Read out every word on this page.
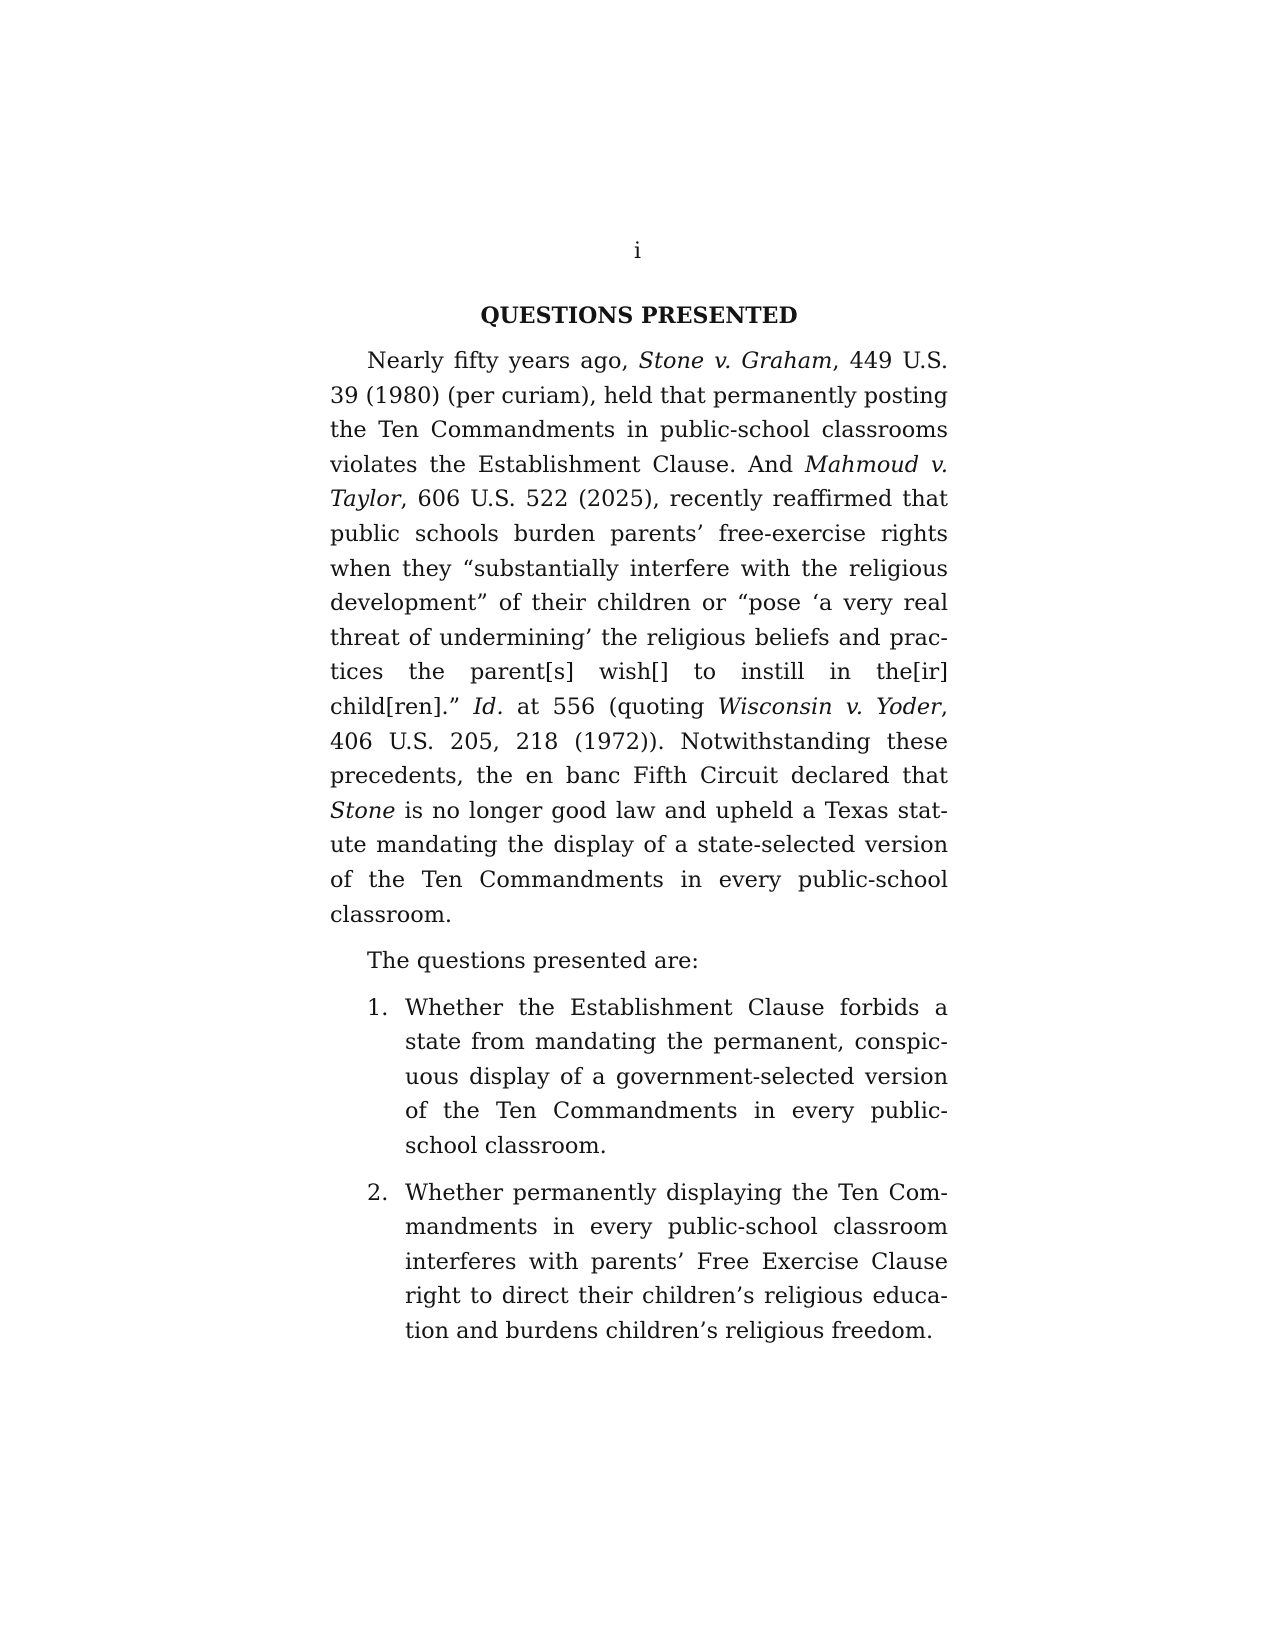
i
QUESTIONS PRESENTED

Nearly fifty years ago, Stone v. Graham, 449 U.S. 39 (1980) (per curiam), held that permanently posting the Ten Commandments in public-school classrooms violates the Establishment Clause. And Mahmoud v. Taylor, 606 U.S. 522 (2025), recently reaffirmed that public schools burden parents’ free-exercise rights when they “substantially interfere with the religious development” of their children or “pose ‘a very real threat of undermining’ the religious beliefs and practices the parent[s] wish[] to instill in the[ir] child[ren].” Id. at 556 (quoting Wisconsin v. Yoder, 406 U.S. 205, 218 (1972)). Notwithstanding these precedents, the en banc Fifth Circuit declared that Stone is no longer good law and upheld a Texas statute mandating the display of a state-selected version of the Ten Commandments in every public-school classroom.

The questions presented are:

1. Whether the Establishment Clause forbids a state from mandating the permanent, conspicuous display of a government-selected version of the Ten Commandments in every public-school classroom.
2. Whether permanently displaying the Ten Commandments in every public-school classroom interferes with parents’ Free Exercise Clause right to direct their children’s religious education and burdens children’s religious freedom.
